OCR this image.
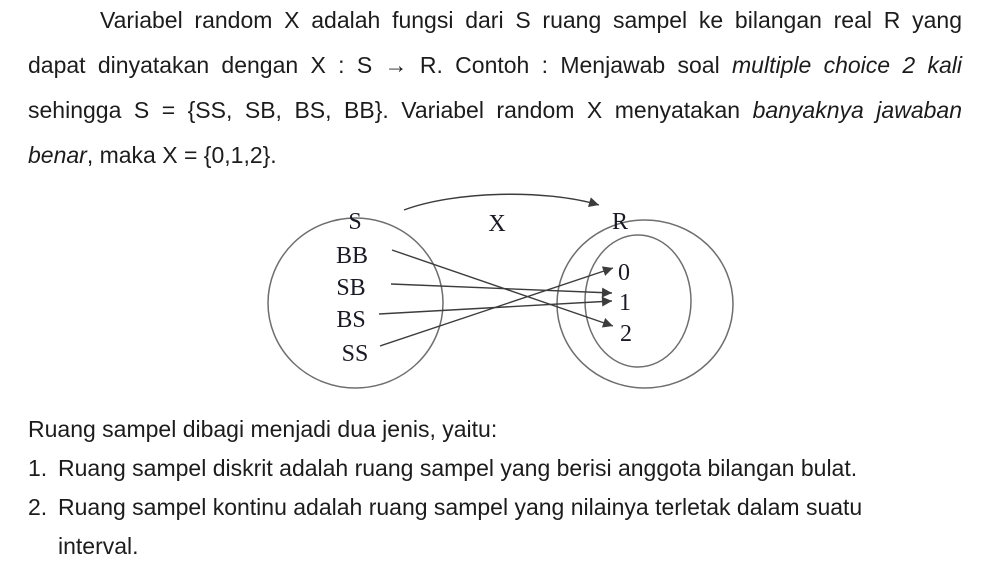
Variabel random X adalah fungsi dari S ruang sampel ke bilangan real R yang
dapat dinyatakan dengan X : S → R. Contoh : Menjawab soal multiple choice 2 kali
sehingga S = {SS, SB, BS, BB}. Variabel random X menyatakan banyaknya jawaban
benar, maka X = {0,1,2}.
S	X	R
BB
SB
BS
SS
0
1
2
Ruang sampel dibagi menjadi dua jenis, yaitu:
1. Ruang sampel diskrit adalah ruang sampel yang berisi anggota bilangan bulat.
2. Ruang sampel kontinu adalah ruang sampel yang nilainya terletak dalam suatu
interval.
